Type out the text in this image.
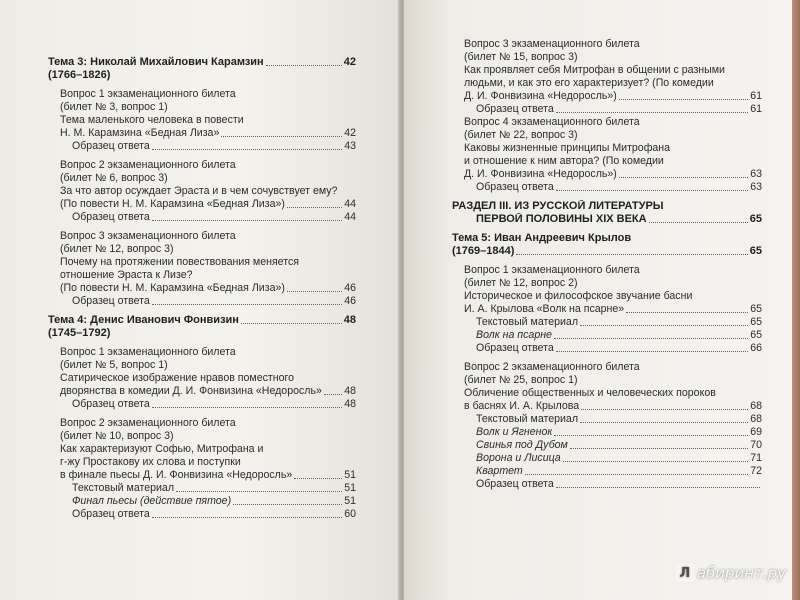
Тема 3: Николай Михайлович Карамзин	42
(1766–1826)
Вопрос 1 экзаменационного билета
(билет № 3, вопрос 1)
Тема маленького человека в повести
Н. М. Карамзина «Бедная Лиза»	42
Образец ответа	43
Вопрос 2 экзаменационного билета
(билет № 6, вопрос 3)
За что автор осуждает Эраста и в чем сочувствует ему?
(По повести Н. М. Карамзина «Бедная Лиза»)	44
Образец ответа	44
Вопрос 3 экзаменационного билета
(билет № 12, вопрос 3)
Почему на протяжении повествования меняется
отношение Эраста к Лизе?
(По повести Н. М. Карамзина «Бедная Лиза»)	46
Образец ответа	46
Тема 4: Денис Иванович Фонвизин	48
(1745–1792)
Вопрос 1 экзаменационного билета
(билет № 5, вопрос 1)
Сатирическое изображение нравов поместного
дворянства в комедии Д. И. Фонвизина «Недоросль» 48
Образец ответа	48
Вопрос 2 экзаменационного билета
(билет № 10, вопрос 3)
Как характеризуют Софью, Митрофана и
г-жу Простакову их слова и поступки
в финале пьесы Д. И. Фонвизина «Недоросль»	51
Текстовый материал	51
Финал пьесы (действие пятое)	51
Образец ответа	60
Вопрос 3 экзаменационного билета
(билет № 15, вопрос 3)
Как проявляет себя Митрофан в общении с разными
людьми, и как это его характеризует? (По комедии
Д. И. Фонвизина «Недоросль»)	61
Образец ответа	61
Вопрос 4 экзаменационного билета
(билет № 22, вопрос 3)
Каковы жизненные принципы Митрофана
и отношение к ним автора? (По комедии
Д. И. Фонвизина «Недоросль»)	63
Образец ответа	63
РАЗДЕЛ III. ИЗ РУССКОЙ ЛИТЕРАТУРЫ
ПЕРВОЙ ПОЛОВИНЫ XIX ВЕКА	65
Тема 5: Иван Андреевич Крылов
(1769–1844)	65
Вопрос 1 экзаменационного билета
(билет № 12, вопрос 2)
Историческое и философское звучание басни
И. А. Крылова «Волк на псарне»	65
Текстовый материал	65
Волк на псарне	65
Образец ответа	66
Вопрос 2 экзаменационного билета
(билет № 25, вопрос 1)
Обличение общественных и человеческих пороков
в баснях И. А. Крылова	68
Текстовый материал	68
Волк и Ягненок	69
Свинья под Дубом	70
Ворона и Лисица	71
Квартет	72
Образец ответа
Л абиринт.ру
